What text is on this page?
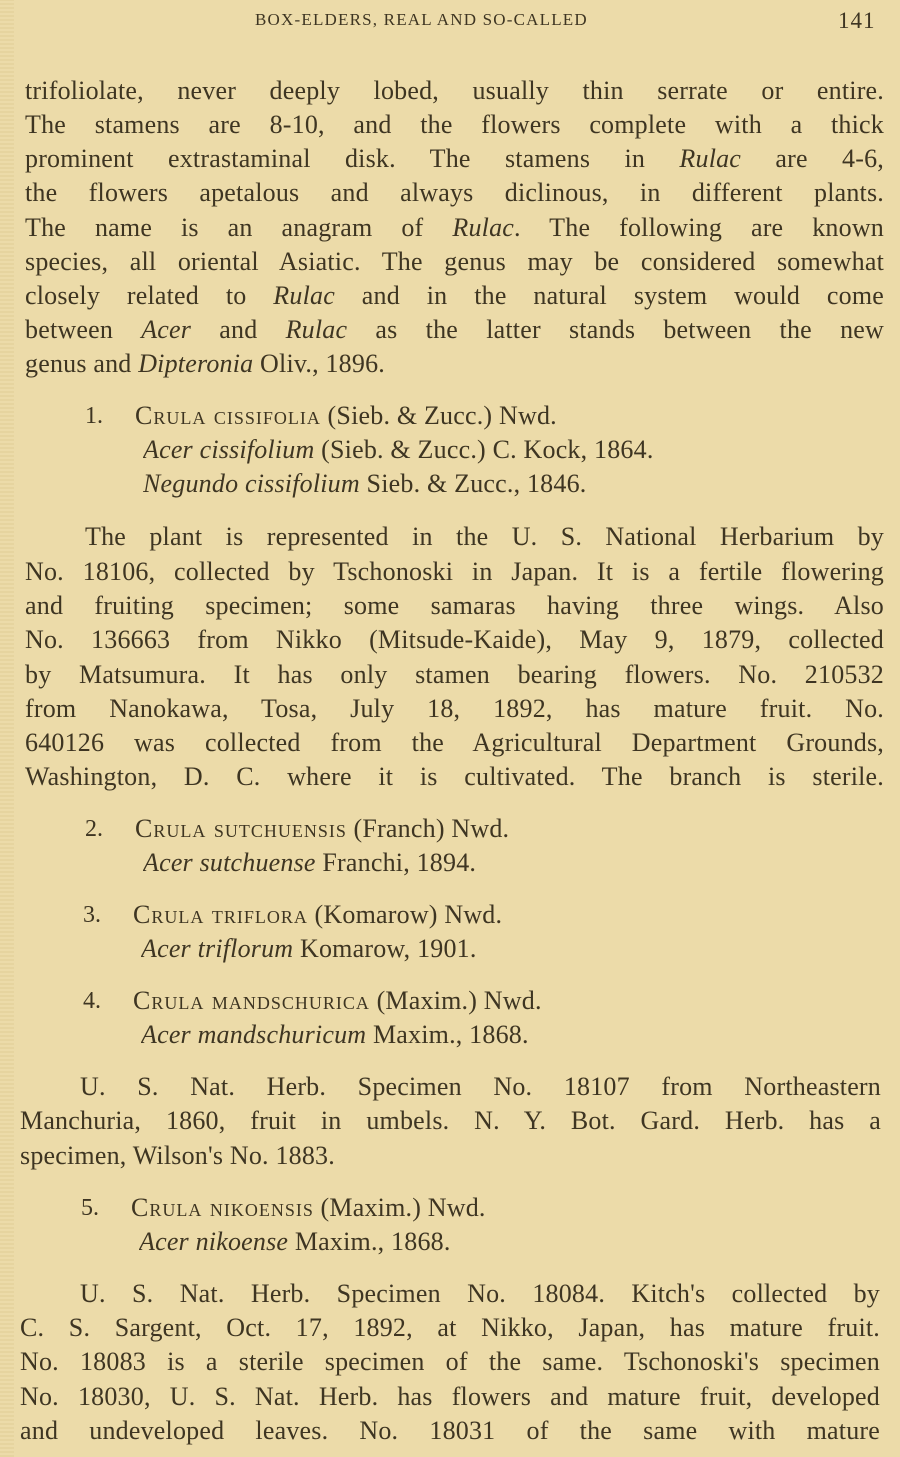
BOX-ELDERS, REAL AND SO-CALLED	141
trifoliolate, never deeply lobed, usually thin serrate or entire.
The stamens are 8-10, and the flowers complete with a thick
prominent extrastaminal disk. The stamens in Rulac are 4-6,
the flowers apetalous and always diclinous, in different plants.
The name is an anagram of Rulac. The following are known
species, all oriental Asiatic. The genus may be considered somewhat
closely related to Rulac and in the natural system would come
between Acer and Rulac as the latter stands between the new
genus and Dipteronia Oliv., 1896.
1. Crula cissifolia (Sieb. & Zucc.) Nwd.
Acer cissifolium (Sieb. & Zucc.) C. Kock, 1864.
Negundo cissifolium Sieb. & Zucc., 1846.
The plant is represented in the U. S. National Herbarium by
No. 18106, collected by Tschonoski in Japan. It is a fertile flowering
and fruiting specimen; some samaras having three wings. Also
No. 136663 from Nikko (Mitsude-Kaide), May 9, 1879, collected
by Matsumura. It has only stamen bearing flowers. No. 210532
from Nanokawa, Tosa, July 18, 1892, has mature fruit. No.
640126 was collected from the Agricultural Department Grounds,
Washington, D. C. where it is cultivated. The branch is sterile.
2. Crula sutchuensis (Franch) Nwd.
Acer sutchuense Franchi, 1894.
3. Crula triflora (Komarow) Nwd.
Acer triflorum Komarow, 1901.
4. Crula mandschurica (Maxim.) Nwd.
Acer mandschuricum Maxim., 1868.
U. S. Nat. Herb. Specimen No. 18107 from Northeastern
Manchuria, 1860, fruit in umbels. N. Y. Bot. Gard. Herb. has a
specimen, Wilson's No. 1883.
5. Crula nikoensis (Maxim.) Nwd.
Acer nikoense Maxim., 1868.
U. S. Nat. Herb. Specimen No. 18084. Kitch's collected by
C. S. Sargent, Oct. 17, 1892, at Nikko, Japan, has mature fruit.
No. 18083 is a sterile specimen of the same. Tschonoski's specimen
No. 18030, U. S. Nat. Herb. has flowers and mature fruit, developed
and undeveloped leaves. No. 18031 of the same with mature
